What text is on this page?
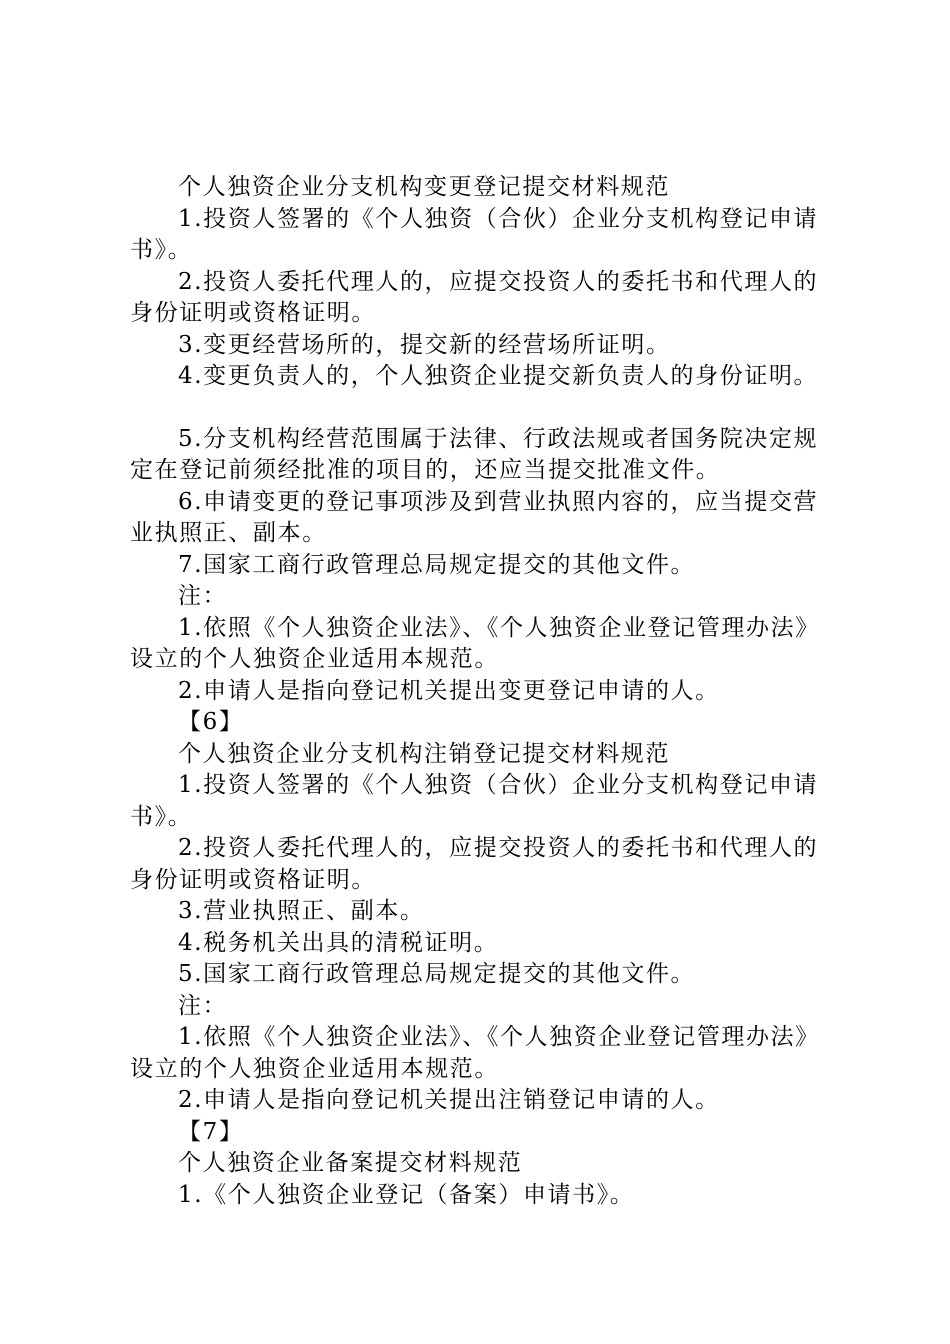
个人独资企业分支机构变更登记提交材料规范

1.投资人签署的《个人独资（合伙）企业分支机构登记申请书》。

2.投资人委托代理人的，应提交投资人的委托书和代理人的身份证明或资格证明。

3.变更经营场所的，提交新的经营场所证明。

4.变更负责人的，个人独资企业提交新负责人的身份证明。

5.分支机构经营范围属于法律、行政法规或者国务院决定规定在登记前须经批准的项目的，还应当提交批准文件。

6.申请变更的登记事项涉及到营业执照内容的，应当提交营业执照正、副本。

7.国家工商行政管理总局规定提交的其他文件。

注：

1.依照《个人独资企业法》、《个人独资企业登记管理办法》设立的个人独资企业适用本规范。

2.申请人是指向登记机关提出变更登记申请的人。

【6】

个人独资企业分支机构注销登记提交材料规范

1.投资人签署的《个人独资（合伙）企业分支机构登记申请书》。

2.投资人委托代理人的，应提交投资人的委托书和代理人的身份证明或资格证明。

3.营业执照正、副本。

4.税务机关出具的清税证明。

5.国家工商行政管理总局规定提交的其他文件。

注：

1.依照《个人独资企业法》、《个人独资企业登记管理办法》设立的个人独资企业适用本规范。

2.申请人是指向登记机关提出注销登记申请的人。

【7】

个人独资企业备案提交材料规范

1.《个人独资企业登记（备案）申请书》。
